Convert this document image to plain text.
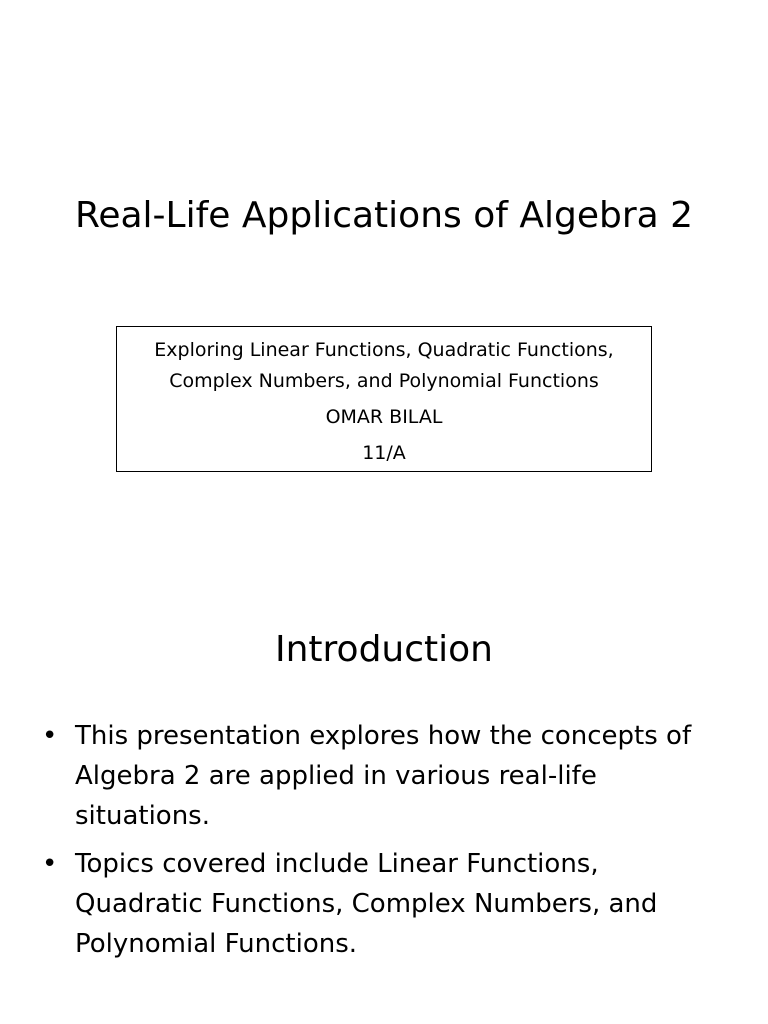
Real-Life Applications of Algebra 2
Exploring Linear Functions, Quadratic Functions, Complex Numbers, and Polynomial Functions
OMAR BILAL
11/A
Introduction
• This presentation explores how the concepts of Algebra 2 are applied in various real-life situations.
• Topics covered include Linear Functions, Quadratic Functions, Complex Numbers, and Polynomial Functions.
